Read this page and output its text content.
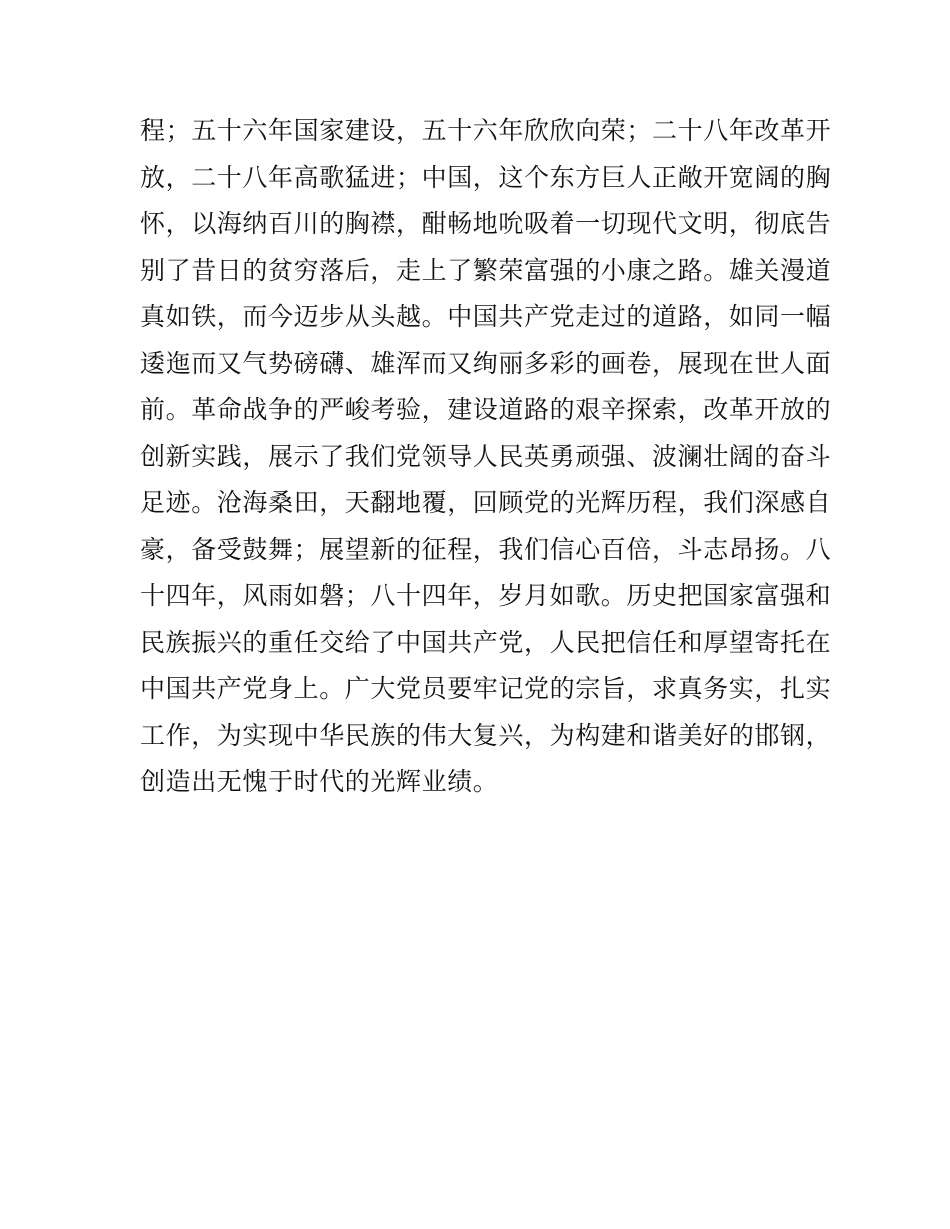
程；五十六年国家建设，五十六年欣欣向荣；二十八年改革开
放，二十八年高歌猛进；中国，这个东方巨人正敞开宽阔的胸
怀，以海纳百川的胸襟，酣畅地吮吸着一切现代文明，彻底告
别了昔日的贫穷落后，走上了繁荣富强的小康之路。雄关漫道
真如铁，而今迈步从头越。中国共产党走过的道路，如同一幅
逶迤而又气势磅礴、雄浑而又绚丽多彩的画卷，展现在世人面
前。革命战争的严峻考验，建设道路的艰辛探索，改革开放的
创新实践，展示了我们党领导人民英勇顽强、波澜壮阔的奋斗
足迹。沧海桑田，天翻地覆，回顾党的光辉历程，我们深感自
豪，备受鼓舞；展望新的征程，我们信心百倍，斗志昂扬。八
十四年，风雨如磐；八十四年，岁月如歌。历史把国家富强和
民族振兴的重任交给了中国共产党，人民把信任和厚望寄托在
中国共产党身上。广大党员要牢记党的宗旨，求真务实，扎实
工作，为实现中华民族的伟大复兴，为构建和谐美好的邯钢，
创造出无愧于时代的光辉业绩。
